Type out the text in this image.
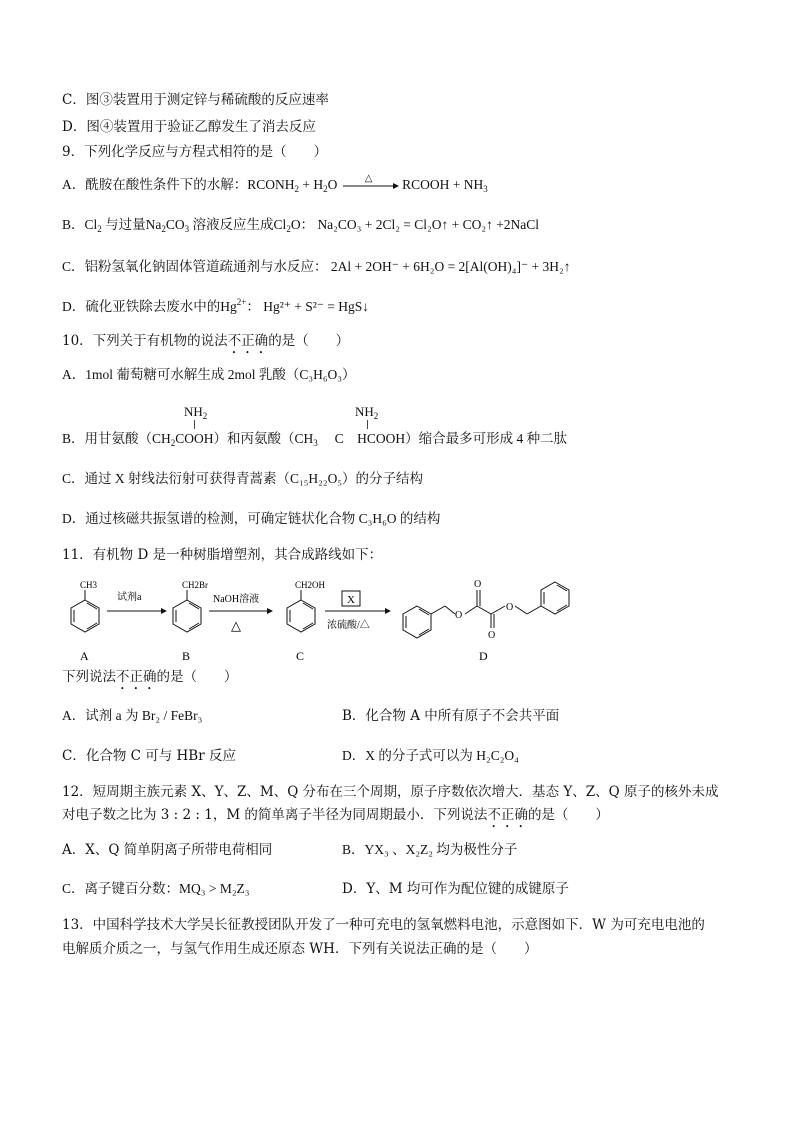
C．图③装置用于测定锌与稀硫酸的反应速率
D．图④装置用于验证乙醇发生了消去反应
9．下列化学反应与方程式相符的是（　　）
A．酰胺在酸性条件下的水解：$RCONH_2 + H_2O$	△ RCOOH + $NH_3$
B．$Cl_2$ 与过量$Na_2CO_3$ 溶液反应生成$Cl_2O$： Na₂CO₃ + 2Cl₂ = Cl₂O↑ + CO₂↑ +2NaCl
C．铝粉氢氧化钠固体管道疏通剂与水反应： 2Al + 2OH⁻ + 6H₂O = 2[Al(OH)₄]⁻ + 3H₂↑
D．硫化亚铁除去废水中的$Hg^{2+}$： Hg²⁺ + S²⁻ = HgS↓
10．下列关于有机物的说法不正确的是（　　）
A．1mol 葡萄糖可水解生成 2mol 乳酸（C₃H₆O₃）
$NH_2$	$NH_2$
B．用甘氨酸$(CH_2COOH)$和丙氨酸（$CH_3$　 C　HCOOH）缩合最多可形成 4 种二肽
C．通过 X 射线法衍射可获得青蒿素（C₁₅H₂₂O₅）的分子结构
D．通过核磁共振氢谱的检测，可确定链状化合物 C₃H₆O 的结构
11．有机物 D 是一种树脂增塑剂，其合成路线如下：
CH3
试剂a
CH2Br
NaOH溶液
△
CH2OH
X
浓硫酸/△
O
O
O
O
A	B	C	D
下列说法不正确的是（　　）
A．试剂 a 为 Br₂ / FeBr₃	B．化合物 A 中所有原子不会共平面
C．化合物 C 可与 HBr 反应	D．X 的分子式可以为 H₂C₂O₄
12．短周期主族元素 X、Y、Z、M、Q 分布在三个周期，原子序数依次增大．基态 Y、Z、Q 原子的核外未成
对电子数之比为 3 : 2 : 1，M 的简单离子半径为同周期最小．下列说法不正确的是（　　）
A．X、Q 简单阴离子所带电荷相同	B．YX₃ 、X₂Z₂ 均为极性分子
C．离子键百分数：MQ₃ > M₂Z₃	D．Y、M 均可作为配位键的成键原子
13．中国科学技术大学吴长征教授团队开发了一种可充电的氢氧燃料电池，示意图如下．W 为可充电电池的
电解质介质之一，与氢气作用生成还原态 WH．下列有关说法正确的是（　　）
